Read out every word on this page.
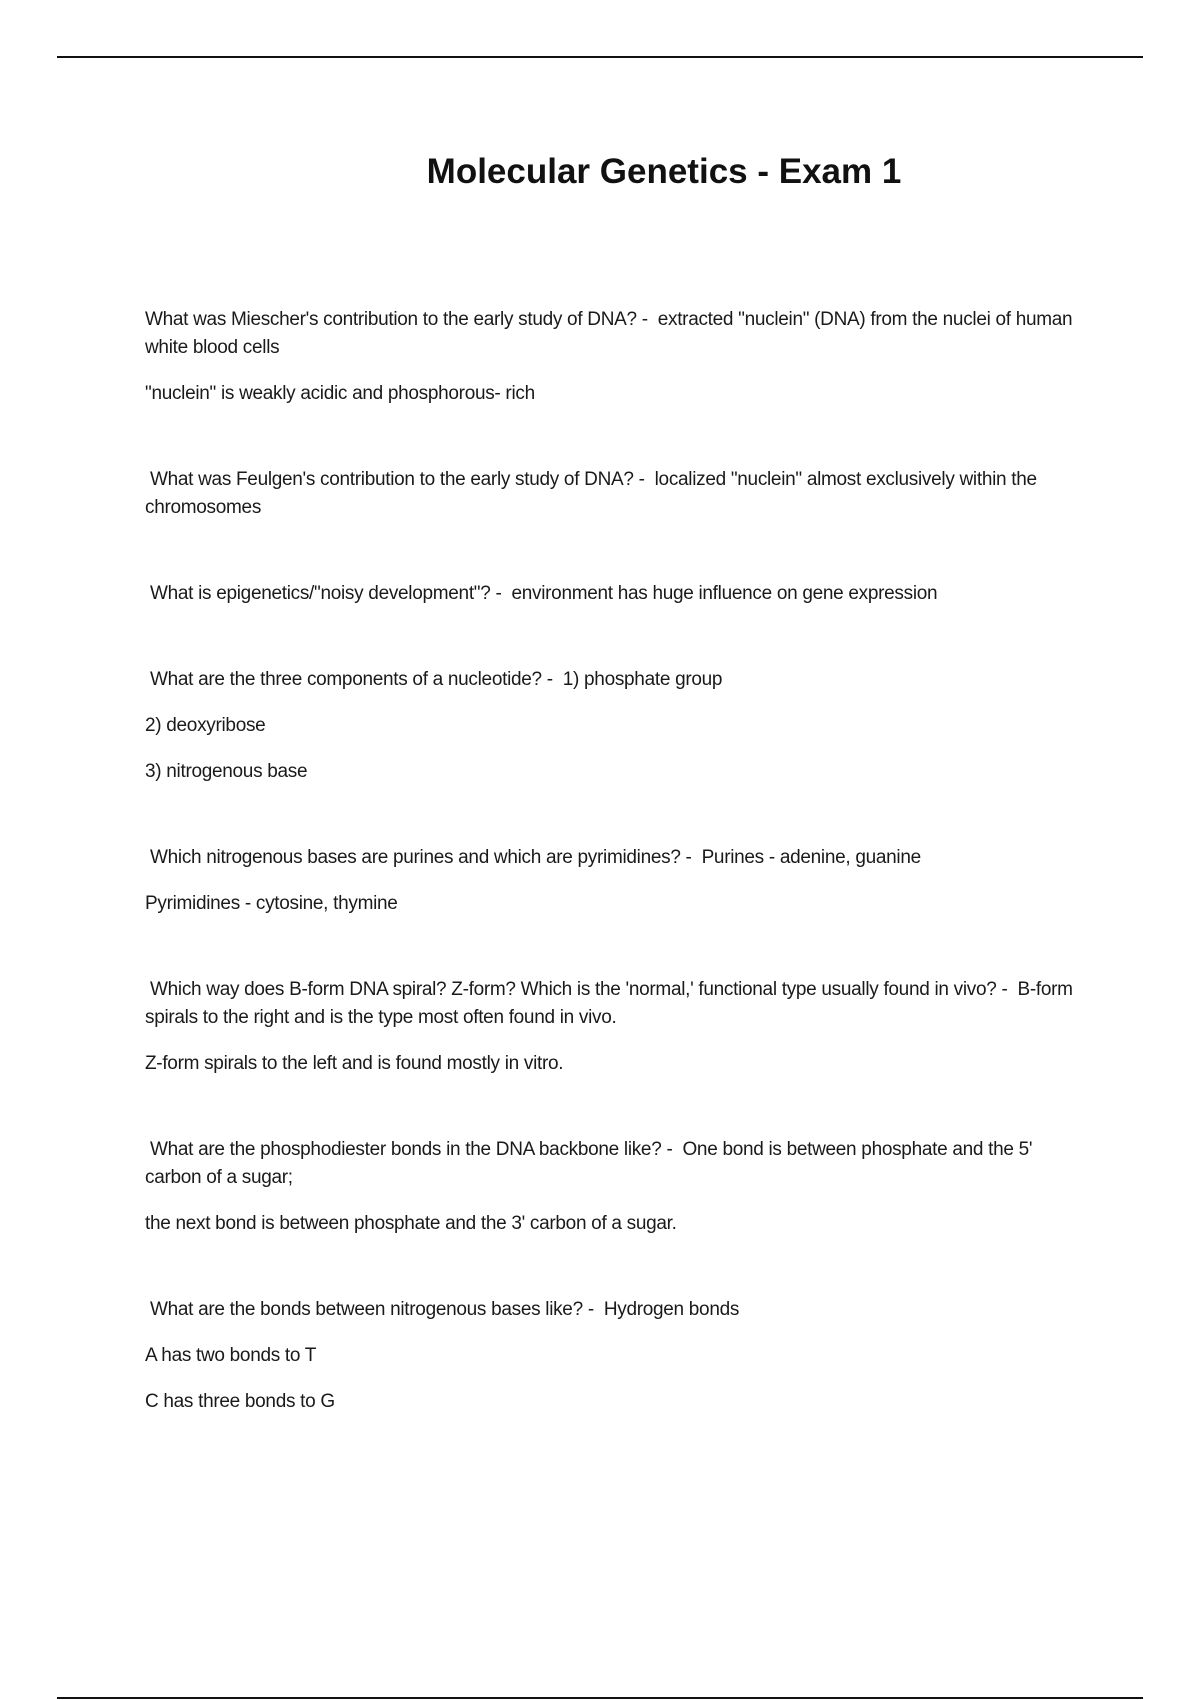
Molecular Genetics - Exam 1

What was Miescher's contribution to the early study of DNA? - extracted "nuclein" (DNA) from the nuclei of human white blood cells

"nuclein" is weakly acidic and phosphorous- rich

What was Feulgen's contribution to the early study of DNA? - localized "nuclein" almost exclusively within the chromosomes

What is epigenetics/"noisy development"? - environment has huge influence on gene expression

What are the three components of a nucleotide? - 1) phosphate group

2) deoxyribose

3) nitrogenous base

Which nitrogenous bases are purines and which are pyrimidines? - Purines - adenine, guanine

Pyrimidines - cytosine, thymine

Which way does B-form DNA spiral? Z-form? Which is the 'normal,' functional type usually found in vivo? - B-form spirals to the right and is the type most often found in vivo.

Z-form spirals to the left and is found mostly in vitro.

What are the phosphodiester bonds in the DNA backbone like? - One bond is between phosphate and the 5' carbon of a sugar;

the next bond is between phosphate and the 3' carbon of a sugar.

What are the bonds between nitrogenous bases like? - Hydrogen bonds

A has two bonds to T

C has three bonds to G
